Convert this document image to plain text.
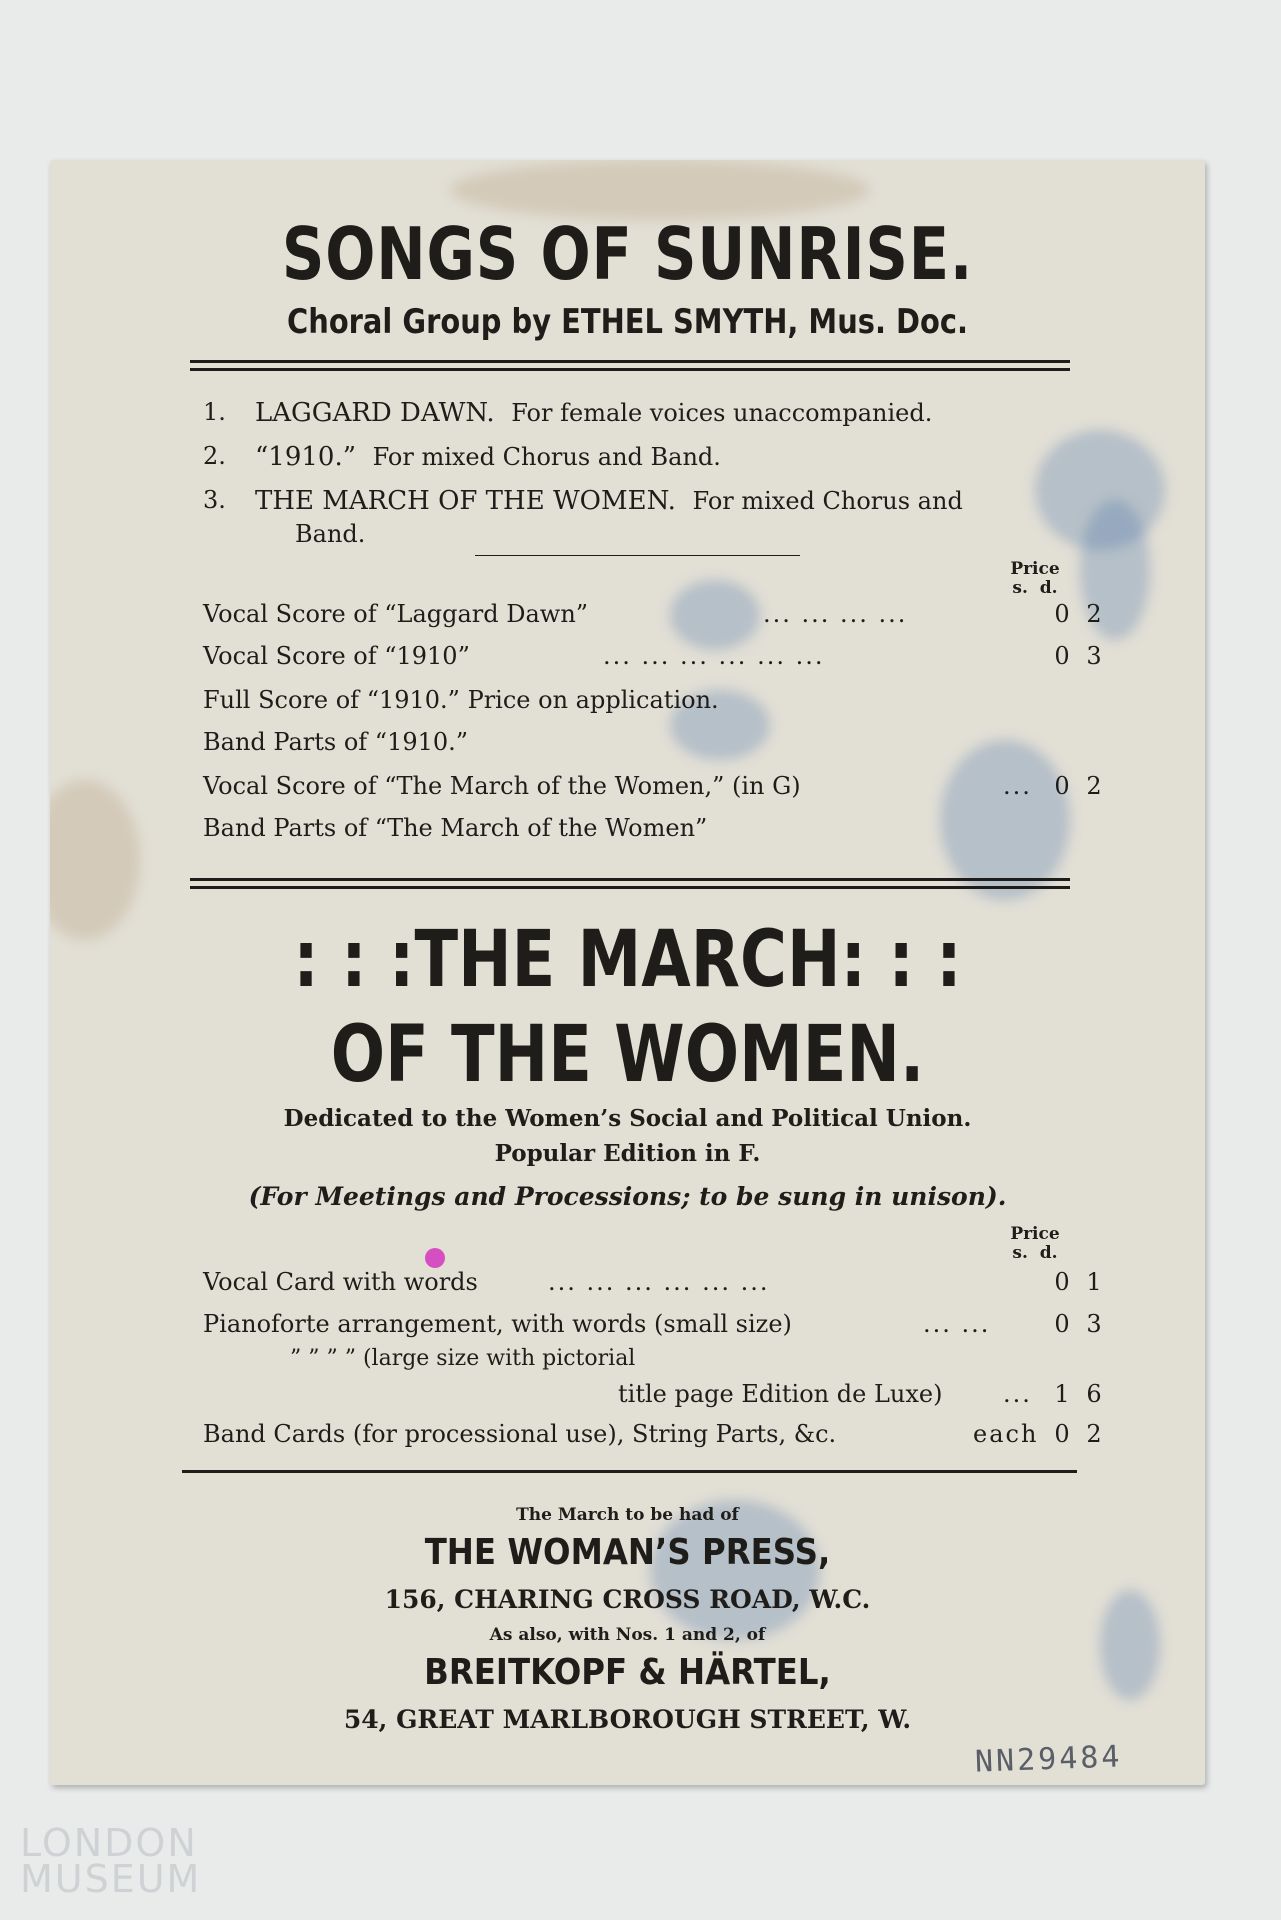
SONGS OF SUNRISE.
Choral Group by ETHEL SMYTH, Mus. Doc.
1. LAGGARD DAWN. For female voices unaccompanied.
2. “1910.” For mixed Chorus and Band.
3. THE MARCH OF THE WOMEN. For mixed Chorus and
Band.
Price
s. d.
Vocal Score of “Laggard Dawn”	... ... ... ...	0 2
Vocal Score of “1910”	... ... ... ... ... ...	0 3
Full Score of “1910.” Price on application.
Band Parts of “1910.”
Vocal Score of “The March of the Women,” (in G)	... 0 2
Band Parts of “The March of the Women”
: : :THE MARCH: : :
OF THE WOMEN.
Dedicated to the Women’s Social and Political Union.
Popular Edition in F.
(For Meetings and Processions; to be sung in unison).
Price
s. d.
Vocal Card with words	... ... ... ... ... ...	0 1
Pianoforte arrangement, with words (small size)	... ...	0 3
” ” ” ” (large size with pictorial
title page Edition de Luxe)	... 1 6
Band Cards (for processional use), String Parts, &c.	each 0 2
The March to be had of
THE WOMAN’S PRESS,
156, CHARING CROSS ROAD, W.C.
As also, with Nos. 1 and 2, of
BREITKOPF & HÄRTEL,
54, GREAT MARLBOROUGH STREET, W.
NN29484
LONDON
MUSEUM
